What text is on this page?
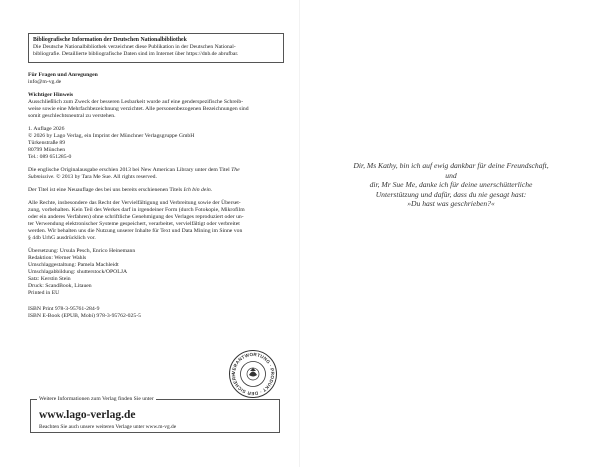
Bibliografische Information der Deutschen Nationalbibliothek
Die Deutsche Nationalbibliothek verzeichnet diese Publikation in der Deutschen National-
bibliografie. Detaillierte bibliografische Daten sind im Internet über https://dnb.de abrufbar.

Für Fragen und Anregungen

info@m-vg.de

Wichtiger Hinweis

Ausschließlich zum Zweck der besseren Lesbarkeit wurde auf eine genderspezifische Schreib-

weise sowie eine Mehrfachbezeichnung verzichtet. Alle personenbezogenen Bezeichnungen sind

somit geschlechtsneutral zu verstehen.

1. Auflage 2026

© 2026 by Lago Verlag, ein Imprint der Münchner Verlagsgruppe GmbH

Türkenstraße 89

80799 München

Tel.: 089 651285-0

Die englische Originalausgabe erschien 2013 bei New American Library unter dem Titel The

Submissive. © 2013 by Tara Me Sue. All rights reserved.

Der Titel ist eine Neuauflage des bei uns bereits erschienenen Titels Ich bin dein.

Alle Rechte, insbesondere das Recht der Vervielfältigung und Verbreitung sowie der Überset-

zung, vorbehalten. Kein Teil des Werkes darf in irgendeiner Form (durch Fotokopie, Mikrofilm

oder ein anderes Verfahren) ohne schriftliche Genehmigung des Verlages reproduziert oder un-

ter Verwendung elektronischer Systeme gespeichert, verarbeitet, vervielfältigt oder verbreitet

werden. Wir behalten uns die Nutzung unserer Inhalte für Text und Data Mining im Sinne von

§ 44b UrhG ausdrücklich vor.

Übersetzung: Ursula Pesch, Enrico Heinemann

Redaktion: Werner Wahls

Umschlaggestaltung: Pamela Machleidt

Umschlagabbildung: shutterstock/OPOLJA

Satz: Kerstin Stein

Druck: ScandBook, Litauen

Printed in EU

ISBN Print 978-3-95761-284-9

ISBN E-Book (EPUB, Mobi) 978-3-95762-025-5

VERANTWORTUNG · PRODUKT · DER SICHERH
Weitere Informationen zum Verlag finden Sie unter
www.lago-verlag.de
Beachten Sie auch unsere weiteren Verlage unter www.m-vg.de

Dir, Ms Kathy, bin ich auf ewig dankbar für deine Freundschaft,

und

dir, Mr Sue Me, danke ich für deine unerschütterliche

Unterstützung und dafür, dass du nie gesagt hast:

»Du hast was geschrieben?«
